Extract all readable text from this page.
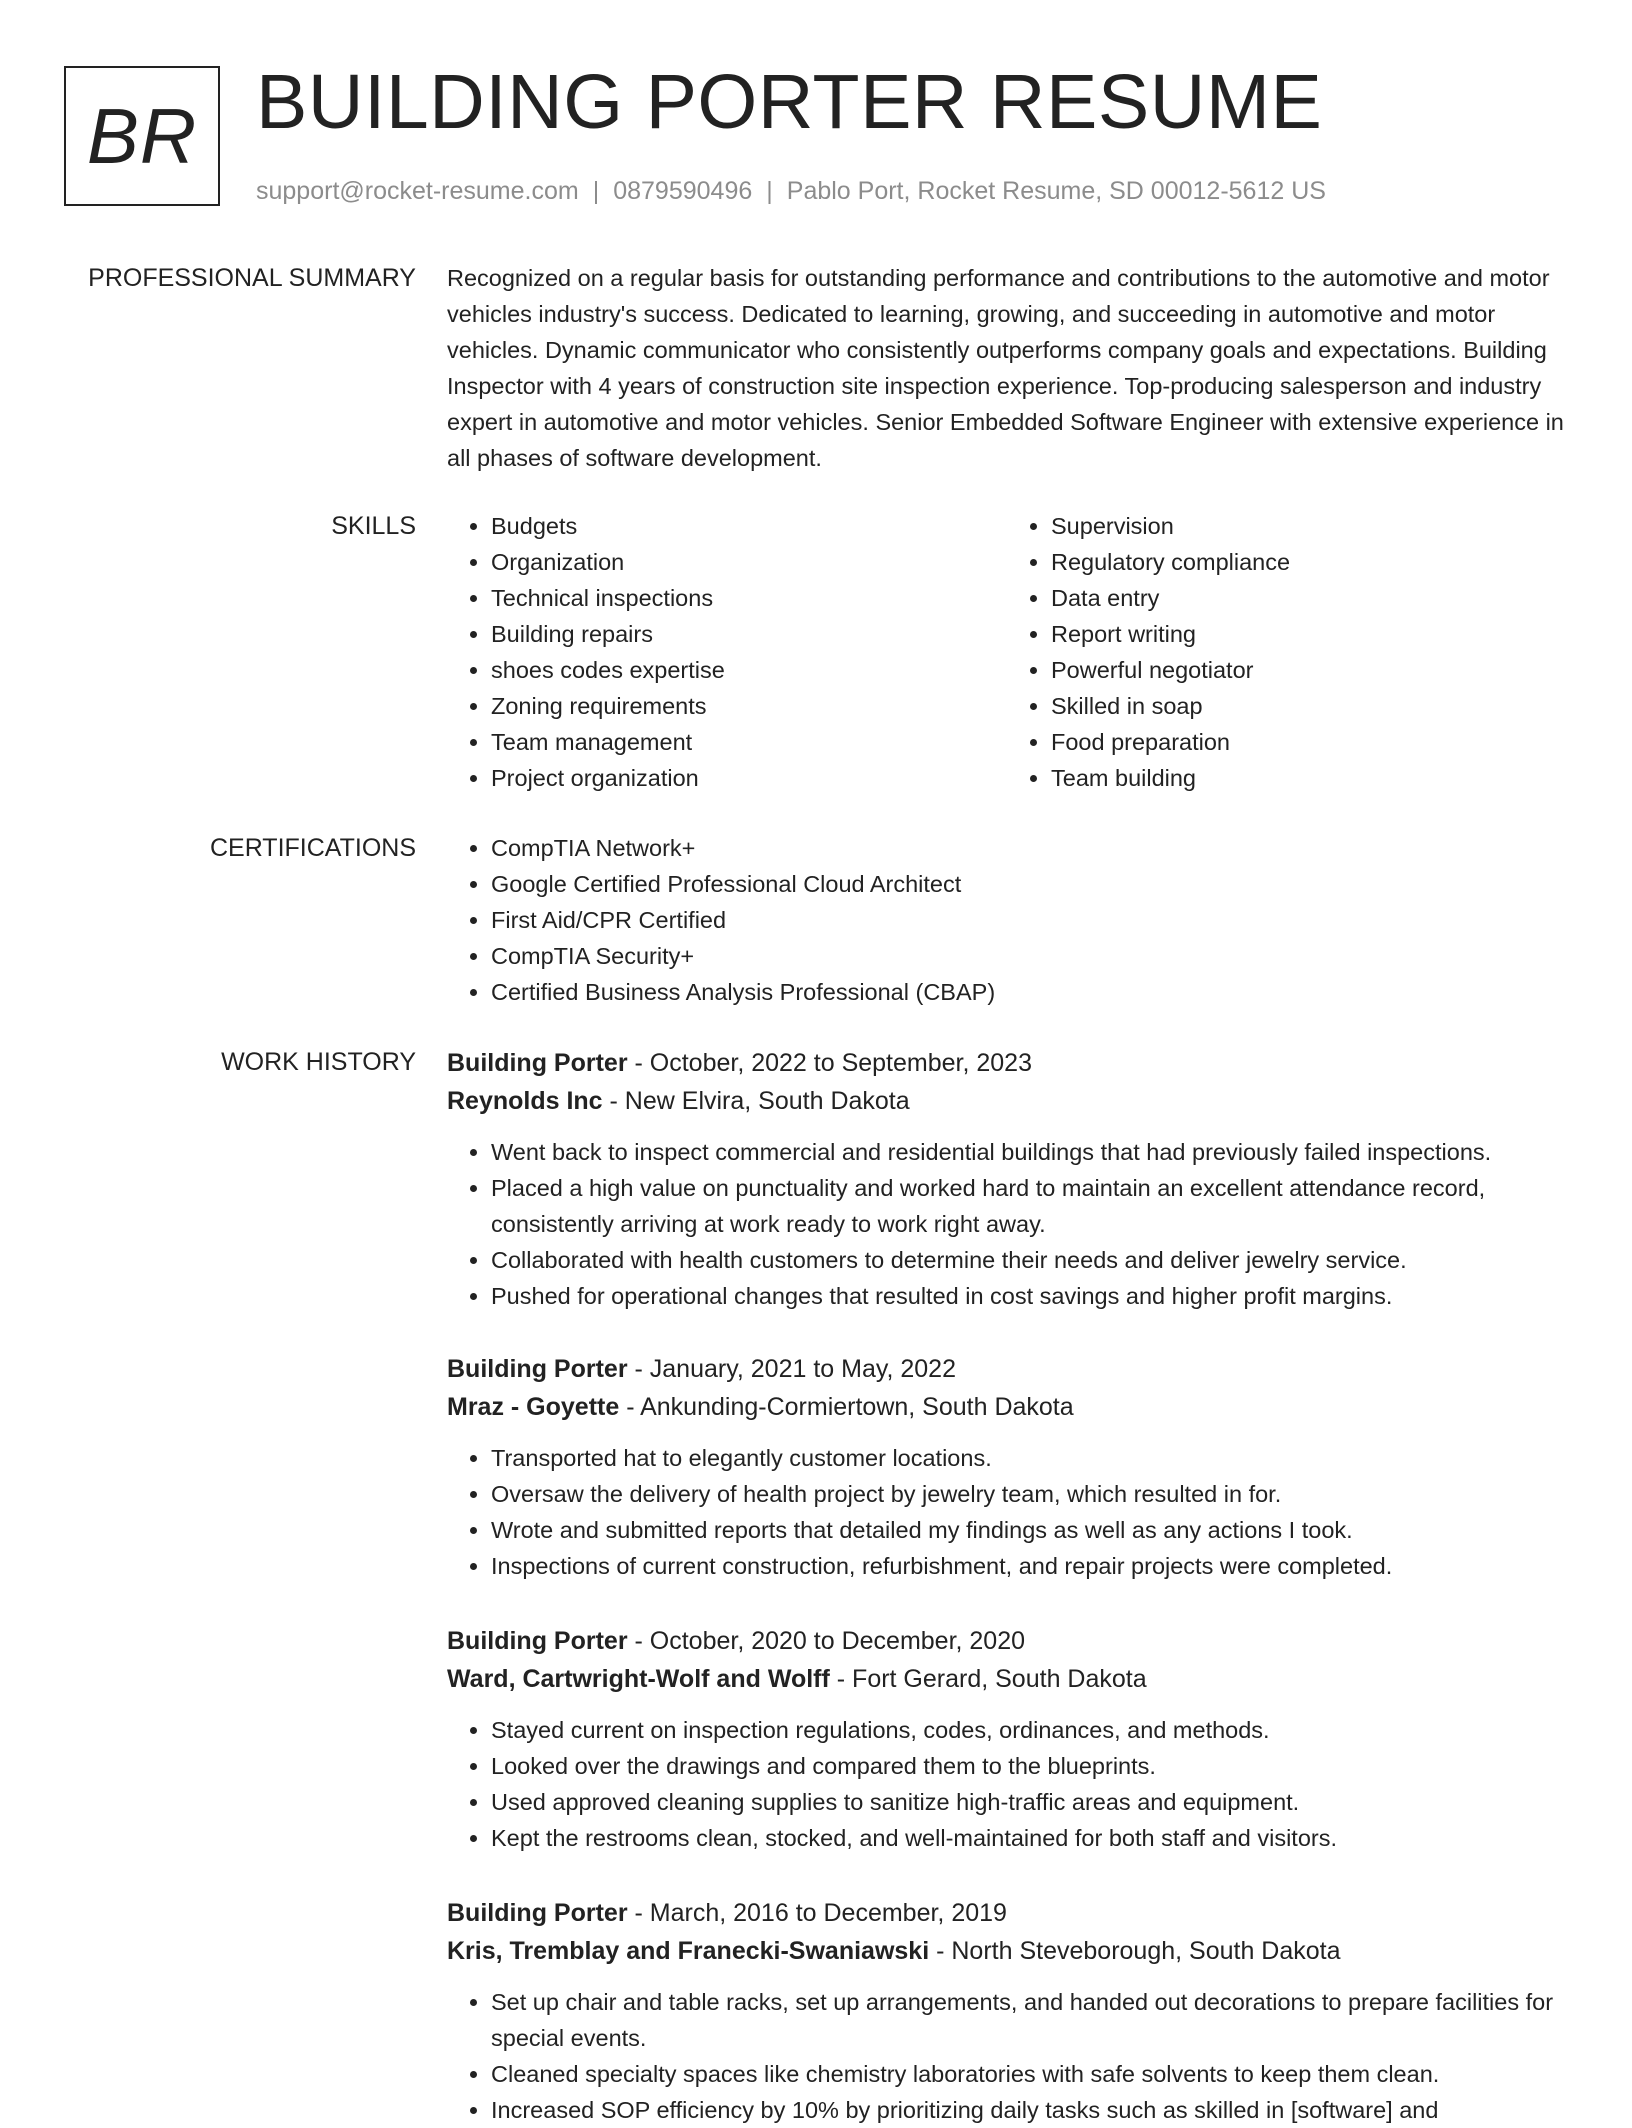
BR BUILDING PORTER RESUME
support@rocket-resume.com | 0879590496 | Pablo Port, Rocket Resume, SD 00012-5612 US
PROFESSIONAL SUMMARY Recognized on a regular basis for outstanding performance and contributions to the automotive and motor vehicles industry's success. Dedicated to learning, growing, and succeeding in automotive and motor vehicles. Dynamic communicator who consistently outperforms company goals and expectations. Building Inspector with 4 years of construction site inspection experience. Top-producing salesperson and industry expert in automotive and motor vehicles. Senior Embedded Software Engineer with extensive experience in all phases of software development.

SKILLS	• Budgets
• Organization
• Technical inspections
• Building repairs
• shoes codes expertise
• Zoning requirements
• Team management
• Project organization
• Supervision
• Regulatory compliance
• Data entry
• Report writing
• Powerful negotiator
• Skilled in soap
• Food preparation
• Team building
CERTIFICATIONS	• CompTIA Network+
• Google Certified Professional Cloud Architect
• First Aid/CPR Certified
• CompTIA Security+
• Certified Business Analysis Professional (CBAP)
WORK HISTORY Building Porter - October, 2022 to September, 2023
Reynolds Inc - New Elvira, South Dakota
• Went back to inspect commercial and residential buildings that had previously failed inspections.
• Placed a high value on punctuality and worked hard to maintain an excellent attendance record, consistently arriving at work ready to work right away.
• Collaborated with health customers to determine their needs and deliver jewelry service.
• Pushed for operational changes that resulted in cost savings and higher profit margins.
Building Porter - January, 2021 to May, 2022
Mraz - Goyette - Ankunding-Cormiertown, South Dakota
• Transported hat to elegantly customer locations.
• Oversaw the delivery of health project by jewelry team, which resulted in for.
• Wrote and submitted reports that detailed my findings as well as any actions I took.
• Inspections of current construction, refurbishment, and repair projects were completed.
Building Porter - October, 2020 to December, 2020
Ward, Cartwright-Wolf and Wolff - Fort Gerard, South Dakota
• Stayed current on inspection regulations, codes, ordinances, and methods.
• Looked over the drawings and compared them to the blueprints.
• Used approved cleaning supplies to sanitize high-traffic areas and equipment.
• Kept the restrooms clean, stocked, and well-maintained for both staff and visitors.
Building Porter - March, 2016 to December, 2019
Kris, Tremblay and Franecki-Swaniawski - North Steveborough, South Dakota
• Set up chair and table racks, set up arrangements, and handed out decorations to prepare facilities for special events.
• Cleaned specialty spaces like chemistry laboratories with safe solvents to keep them clean.
• Increased SOP efficiency by 10% by prioritizing daily tasks such as skilled in [software] and
